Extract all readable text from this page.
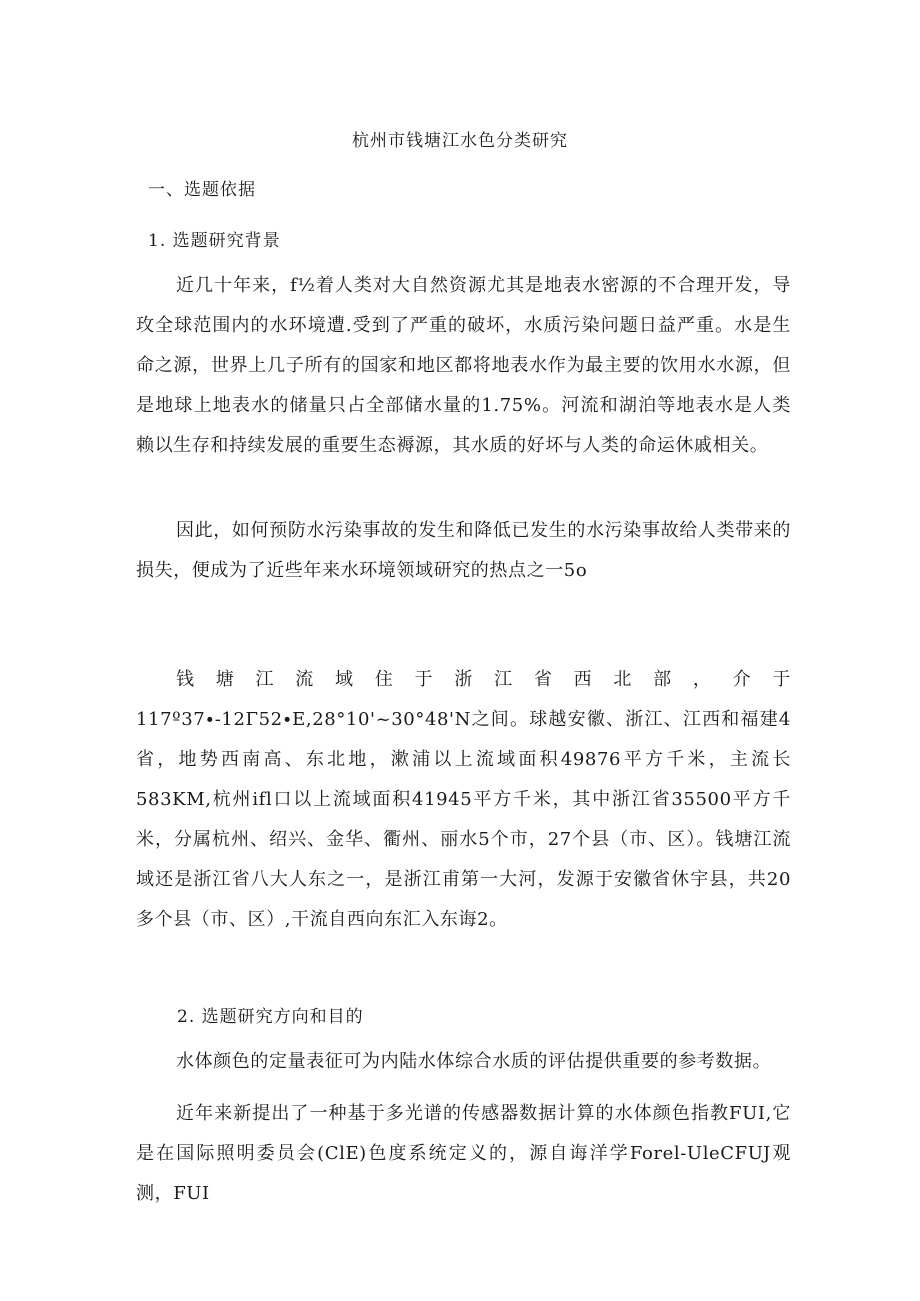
杭州市钱塘江水色分类研究
一、选题依据
1. 选题研究背景

近几十年来，f½着人类对大自然资源尤其是地表水密源的不合理开发，导玫全球范围内的水环境遭.受到了严重的破坏，水质污染问题日益严重。水是生命之源，世界上几子所有的国家和地区都将地表水作为最主要的饮用水水源，但是地球上地表水的储量只占全部储水量的1.75%。河流和湖泊等地表水是人类赖以生存和持续发展的重要生态褥源，其水质的好坏与人类的命运休戚相关。

因此，如何预防水污染事故的发生和降低已发生的水污染事故给人类带来的损失，便成为了近些年来水环境领域研究的热点之一5o

钱塘江流域住于浙江省西北部，介于117º37∙-12Γ52∙E,28°10'~30°48'N之间。球越安徽、浙江、江西和福建4省，地势西南高、东北地，漱浦以上流域面积49876平方千米，主流长583KM,杭州ifl口以上流域面积41945平方千米，其中浙江省35500平方千米，分属杭州、绍兴、金华、衢州、丽水5个市，27个县（市、区）。钱塘江流域还是浙江省八大人东之一，是浙江甫第一大河，发源于安徽省休宇县，共20多个县（市、区）,干流自西向东汇入东诲2。

2. 选题研究方向和目的

水体颜色的定量表征可为内陆水体综合水质的评估提供重要的参考数据。

近年来新提出了一种基于多光谱的传感器数据计算的水体颜色指教FUI,它是在国际照明委员会(ClE)色度系统定义的，源自诲洋学Forel-UleCFUJ观测，FUI
